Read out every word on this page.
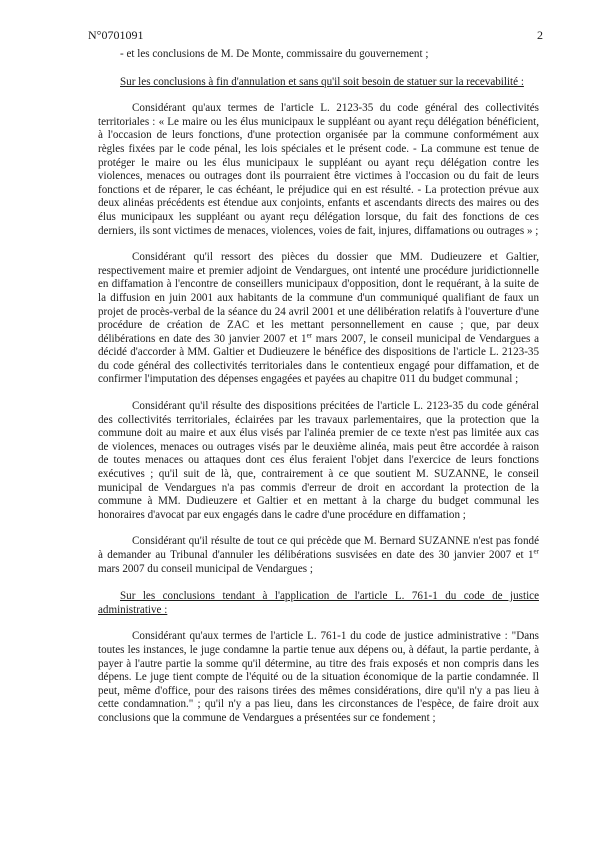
N°0701091	2

- et les conclusions de M. De Monte, commissaire du gouvernement ;

Sur les conclusions à fin d'annulation et sans qu'il soit besoin de statuer sur la recevabilité :

Considérant qu'aux termes de l'article L. 2123-35 du code général des collectivités territoriales : « Le maire ou les élus municipaux le suppléant ou ayant reçu délégation bénéficient, à l'occasion de leurs fonctions, d'une protection organisée par la commune conformément aux règles fixées par le code pénal, les lois spéciales et le présent code. - La commune est tenue de protéger le maire ou les élus municipaux le suppléant ou ayant reçu délégation contre les violences, menaces ou outrages dont ils pourraient être victimes à l'occasion ou du fait de leurs fonctions et de réparer, le cas échéant, le préjudice qui en est résulté. - La protection prévue aux deux alinéas précédents est étendue aux conjoints, enfants et ascendants directs des maires ou des élus municipaux les suppléant ou ayant reçu délégation lorsque, du fait des fonctions de ces derniers, ils sont victimes de menaces, violences, voies de fait, injures, diffamations ou outrages » ;

Considérant qu'il ressort des pièces du dossier que MM. Dudieuzere et Galtier, respectivement maire et premier adjoint de Vendargues, ont intenté une procédure juridictionnelle en diffamation à l'encontre de conseillers municipaux d'opposition, dont le requérant, à la suite de la diffusion en juin 2001 aux habitants de la commune d'un communiqué qualifiant de faux un projet de procès-verbal de la séance du 24 avril 2001 et une délibération relatifs à l'ouverture d'une procédure de création de ZAC et les mettant personnellement en cause ; que, par deux délibérations en date des 30 janvier 2007 et 1er mars 2007, le conseil municipal de Vendargues a décidé d'accorder à MM. Galtier et Dudieuzere le bénéfice des dispositions de l'article L. 2123-35 du code général des collectivités territoriales dans le contentieux engagé pour diffamation, et de confirmer l'imputation des dépenses engagées et payées au chapitre 011 du budget communal ;

Considérant qu'il résulte des dispositions précitées de l'article L. 2123-35 du code général des collectivités territoriales, éclairées par les travaux parlementaires, que la protection que la commune doit au maire et aux élus visés par l'alinéa premier de ce texte n'est pas limitée aux cas de violences, menaces ou outrages visés par le deuxième alinéa, mais peut être accordée à raison de toutes menaces ou attaques dont ces élus feraient l'objet dans l'exercice de leurs fonctions exécutives ; qu'il suit de là, que, contrairement à ce que soutient M. SUZANNE, le conseil municipal de Vendargues n'a pas commis d'erreur de droit en accordant la protection de la commune à MM. Dudieuzere et Galtier et en mettant à la charge du budget communal les honoraires d'avocat par eux engagés dans le cadre d'une procédure en diffamation ;

Considérant qu'il résulte de tout ce qui précède que M. Bernard SUZANNE n'est pas fondé à demander au Tribunal d'annuler les délibérations susvisées en date des 30 janvier 2007 et 1er mars 2007 du conseil municipal de Vendargues ;

Sur les conclusions tendant à l'application de l'article L. 761-1 du code de justice administrative :

Considérant qu'aux termes de l'article L. 761-1 du code de justice administrative : "Dans toutes les instances, le juge condamne la partie tenue aux dépens ou, à défaut, la partie perdante, à payer à l'autre partie la somme qu'il détermine, au titre des frais exposés et non compris dans les dépens. Le juge tient compte de l'équité ou de la situation économique de la partie condamnée. Il peut, même d'office, pour des raisons tirées des mêmes considérations, dire qu'il n'y a pas lieu à cette condamnation." ; qu'il n'y a pas lieu, dans les circonstances de l'espèce, de faire droit aux conclusions que la commune de Vendargues a présentées sur ce fondement ;
